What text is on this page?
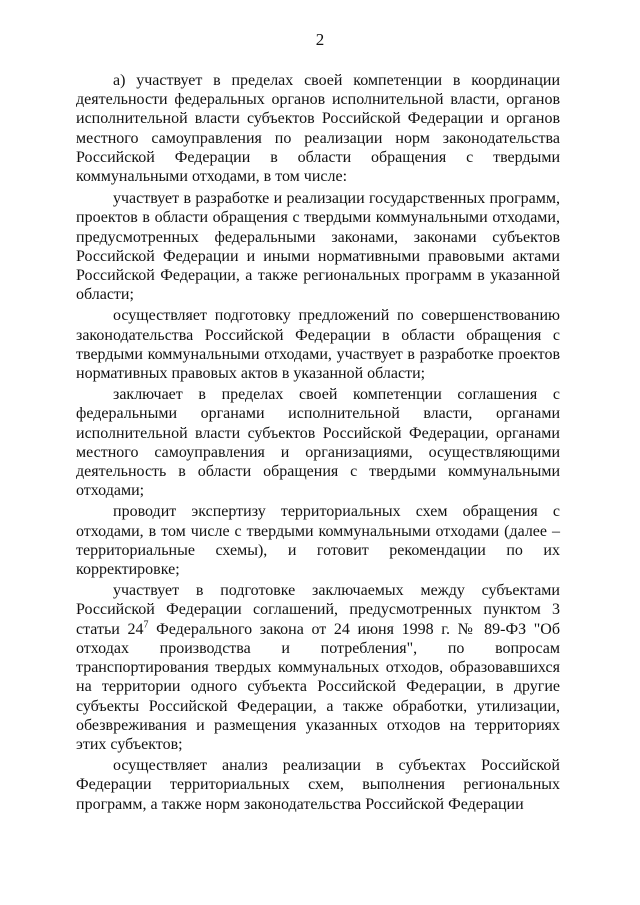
2

а) участвует в пределах своей компетенции в координации деятельности федеральных органов исполнительной власти, органов исполнительной власти субъектов Российской Федерации и органов местного самоуправления по реализации норм законодательства Российской Федерации в области обращения с твердыми коммунальными отходами, в том числе:

участвует в разработке и реализации государственных программ, проектов в области обращения с твердыми коммунальными отходами, предусмотренных федеральными законами, законами субъектов Российской Федерации и иными нормативными правовыми актами Российской Федерации, а также региональных программ в указанной области;

осуществляет подготовку предложений по совершенствованию законодательства Российской Федерации в области обращения с твердыми коммунальными отходами, участвует в разработке проектов нормативных правовых актов в указанной области;

заключает в пределах своей компетенции соглашения с федеральными органами исполнительной власти, органами исполнительной власти субъектов Российской Федерации, органами местного самоуправления и организациями, осуществляющими деятельность в области обращения с твердыми коммунальными отходами;

проводит экспертизу территориальных схем обращения с отходами, в том числе с твердыми коммунальными отходами (далее – территориальные схемы), и готовит рекомендации по их корректировке;

участвует в подготовке заключаемых между субъектами Российской Федерации соглашений, предусмотренных пунктом 3 статьи $24^7$ Федерального закона от 24 июня 1998 г. № 89-ФЗ "Об отходах производства и потребления", по вопросам транспортирования твердых коммунальных отходов, образовавшихся на территории одного субъекта Российской Федерации, в другие субъекты Российской Федерации, а также обработки, утилизации, обезвреживания и размещения указанных отходов на территориях этих субъектов;

осуществляет анализ реализации в субъектах Российской Федерации территориальных схем, выполнения региональных программ, а также норм законодательства Российской Федерации
